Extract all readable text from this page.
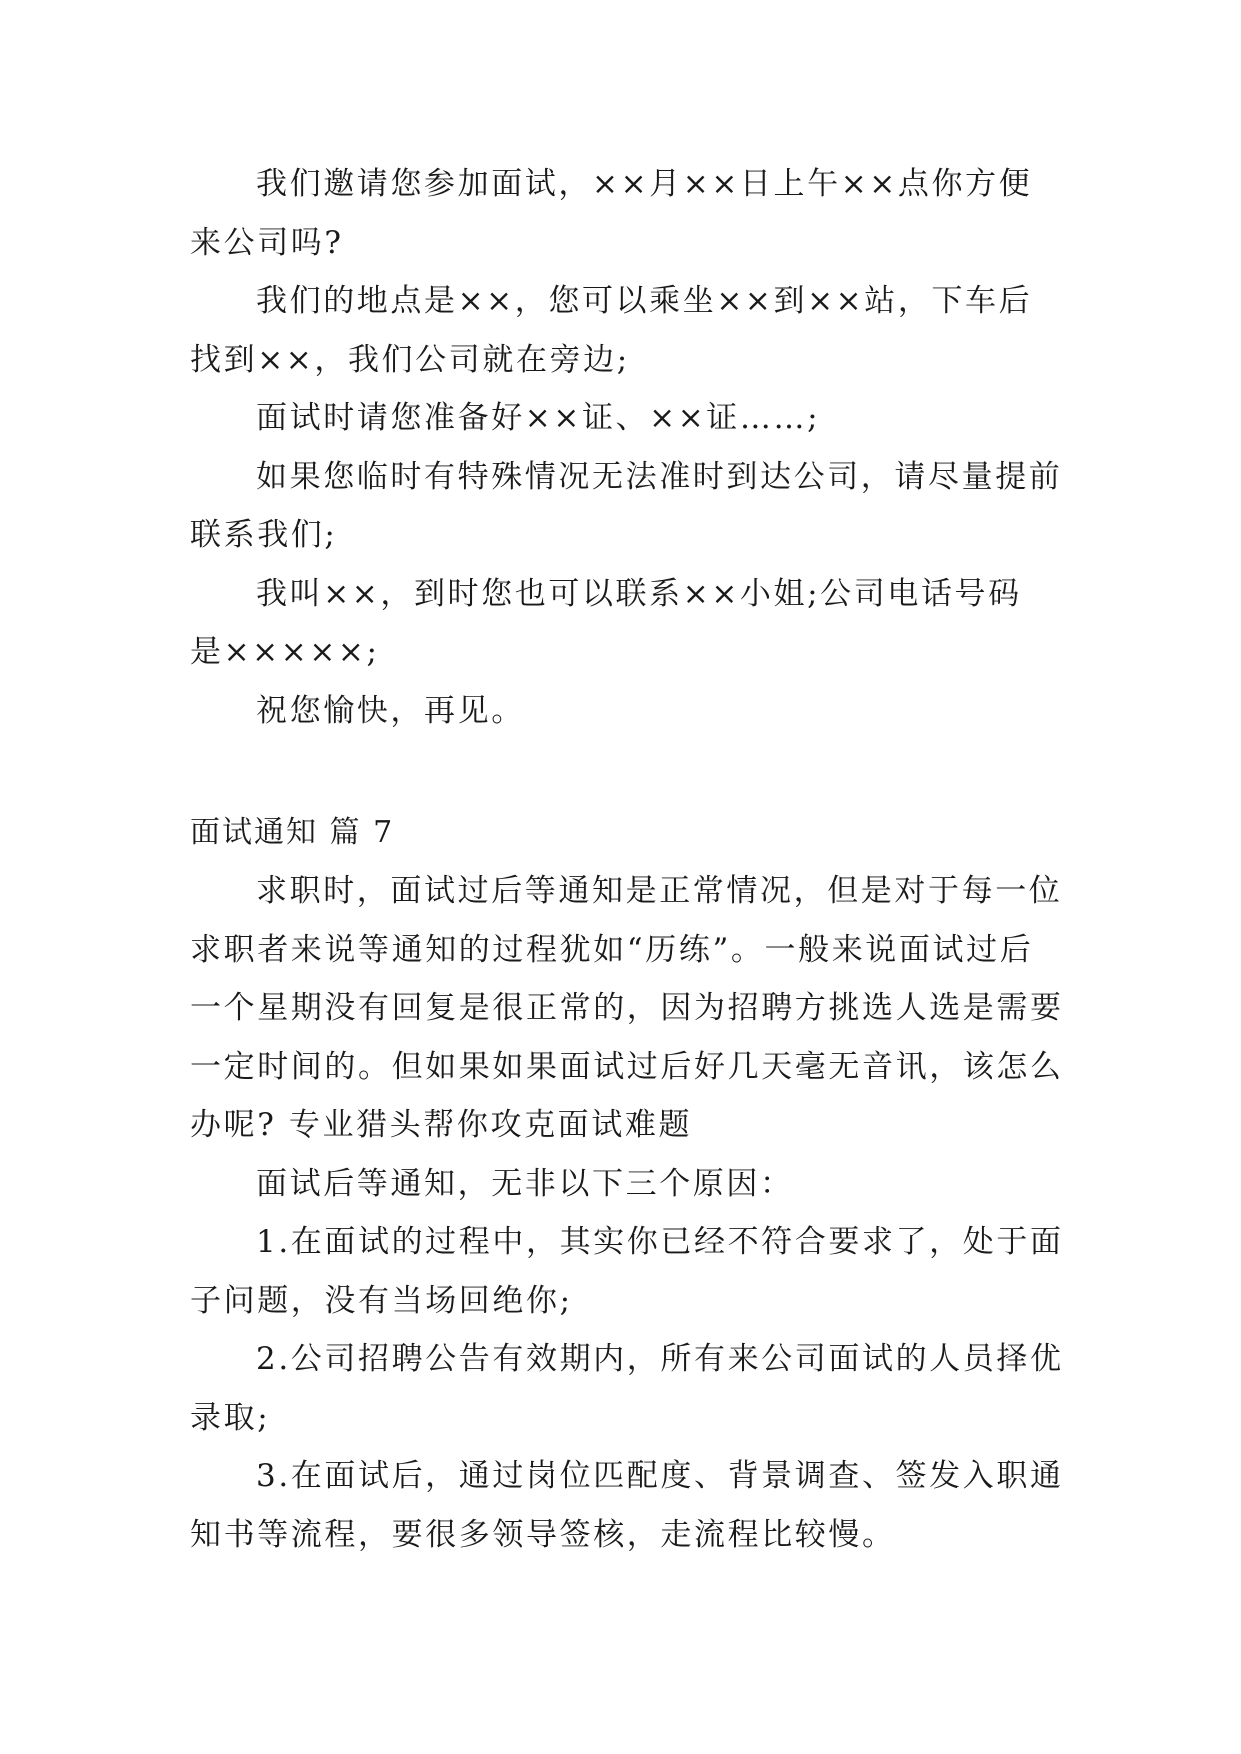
我们邀请您参加面试，××月××日上午××点你方便
来公司吗?
我们的地点是××，您可以乘坐××到××站，下车后
找到××，我们公司就在旁边;
面试时请您准备好××证、××证……;
如果您临时有特殊情况无法准时到达公司，请尽量提前
联系我们;
我叫××，到时您也可以联系××小姐;公司电话号码
是×××××;
祝您愉快，再见。
面试通知 篇 7
求职时，面试过后等通知是正常情况，但是对于每一位
求职者来说等通知的过程犹如“历练”。一般来说面试过后
一个星期没有回复是很正常的，因为招聘方挑选人选是需要
一定时间的。但如果如果面试过后好几天毫无音讯，该怎么
办呢? 专业猎头帮你攻克面试难题
面试后等通知，无非以下三个原因：
1.在面试的过程中，其实你已经不符合要求了，处于面
子问题，没有当场回绝你;
2.公司招聘公告有效期内，所有来公司面试的人员择优
录取;
3.在面试后，通过岗位匹配度、背景调查、签发入职通
知书等流程，要很多领导签核，走流程比较慢。
